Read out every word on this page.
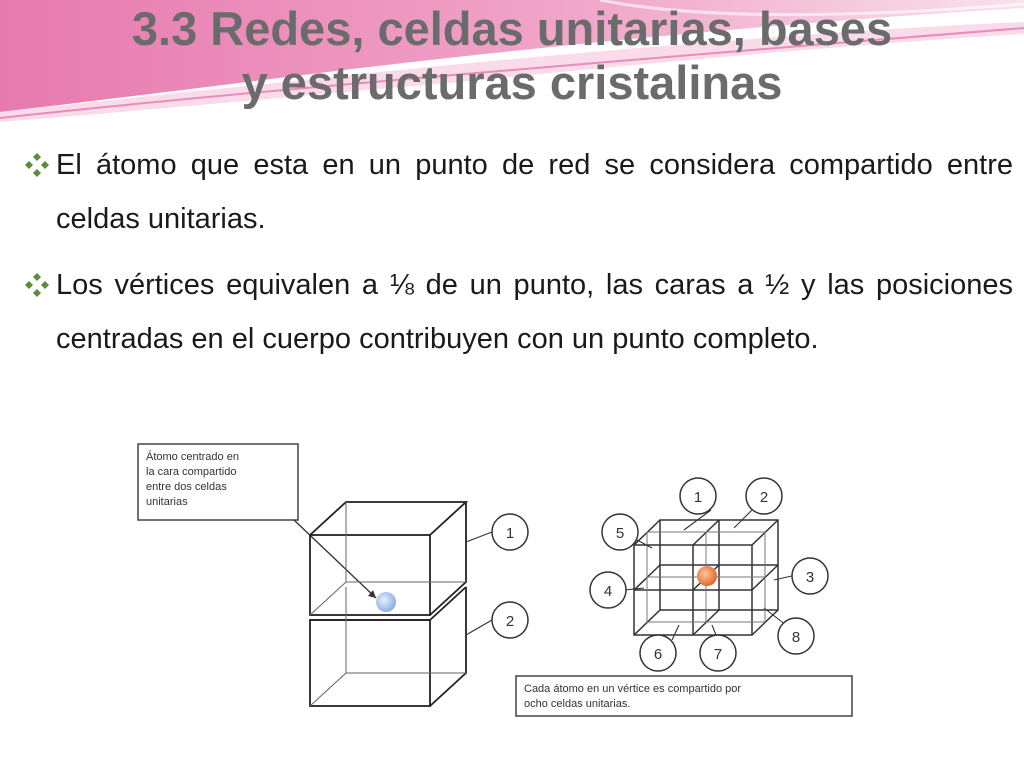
3.3 Redes, celdas unitarias, bases
y estructuras cristalinas
El átomo que esta en un punto de red se considera compartido entre celdas unitarias.
Los vértices equivalen a ⅛ de un punto, las caras a ½ y las posiciones centradas en el cuerpo contribuyen con un punto completo.
Átomo centrado en
la cara compartido
entre dos celdas
unitarias
1
2
1	2
3
4
5
6	7
8
Cada átomo en un vértice es compartido por
ocho celdas unitarias.
